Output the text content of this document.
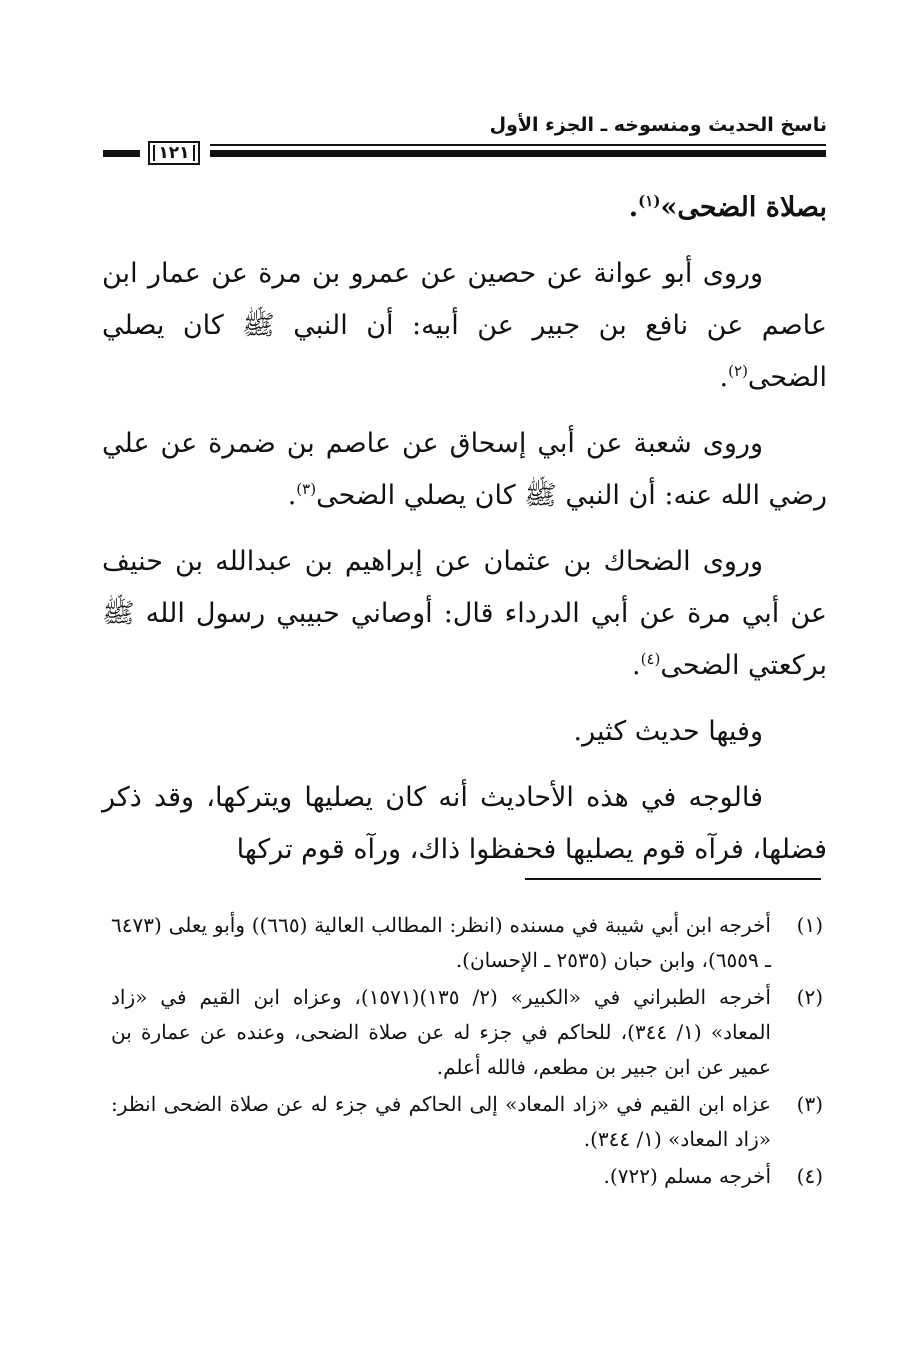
ناسخ الحديث ومنسوخه ـ الجزء الأول
١٢١

بصلاة الضحى»$^{(١)}$.

وروى أبو عوانة عن حصين عن عمرو بن مرة عن عمار ابن عاصم عن نافع بن جبير عن أبيه: أن النبي ﷺ كان يصلي الضحى$^{(٢)}$.

وروى شعبة عن أبي إسحاق عن عاصم بن ضمرة عن علي رضي الله عنه: أن النبي ﷺ كان يصلي الضحى$^{(٣)}$.

وروى الضحاك بن عثمان عن إبراهيم بن عبدالله بن حنيف عن أبي مرة عن أبي الدرداء قال: أوصاني حبيبي رسول الله ﷺ بركعتي الضحى$^{(٤)}$.

وفيها حديث كثير.

فالوجه في هذه الأحاديث أنه كان يصليها ويتركها، وقد ذكر فضلها، فرآه قوم يصليها فحفظوا ذاك، ورآه قوم تركها

(١)
أخرجه ابن أبي شيبة في مسنده (انظر: المطالب العالية (٦٦٥)) وأبو يعلى (٦٤٧٣ ـ ٦٥٥٩)، وابن حبان (٢٥٣٥ ـ الإحسان).
(٢)
أخرجه الطبراني في «الكبير» (٢/ ١٣٥)(١٥٧١)، وعزاه ابن القيم في «زاد المعاد» (١/ ٣٤٤)، للحاكم في جزء له عن صلاة الضحى، وعنده عن عمارة بن عمير عن ابن جبير بن مطعم، فالله أعلم.
(٣)
عزاه ابن القيم في «زاد المعاد» إلى الحاكم في جزء له عن صلاة الضحى انظر: «زاد المعاد» (١/ ٣٤٤).
(٤)
أخرجه مسلم (٧٢٢).
